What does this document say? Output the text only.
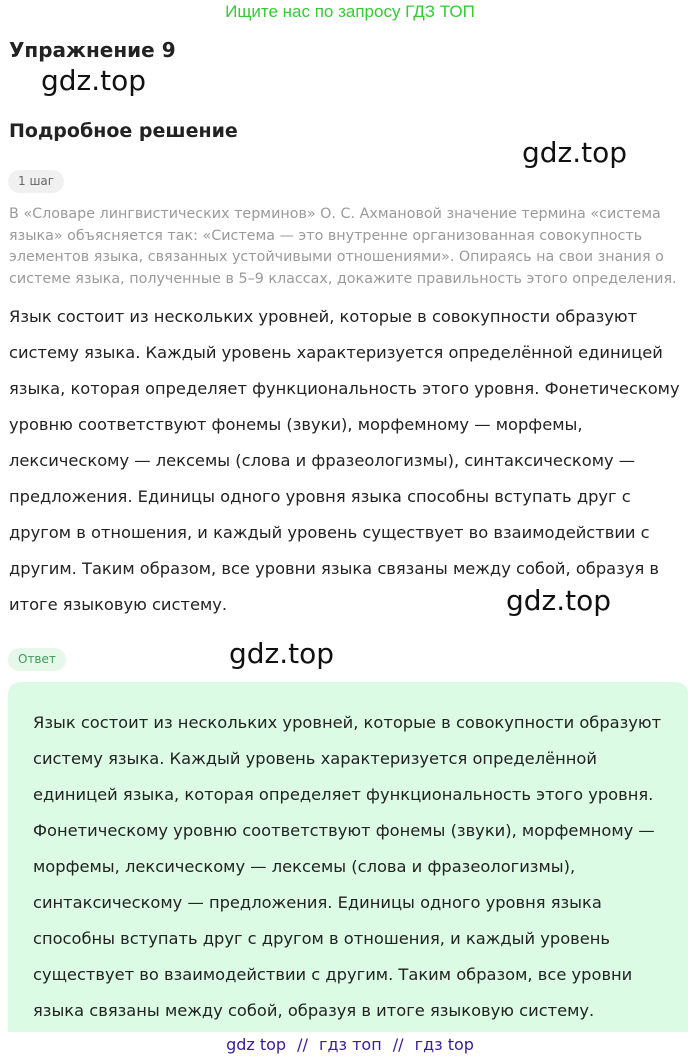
Ищите нас по запросу ГДЗ ТОП
Упражнение 9
gdz.top
Подробное решение
gdz.top
1 шаг
В «Словаре лингвистических терминов» О. С. Ахмановой значение термина «система языка» объясняется так: «Система — это внутренне организованная совокупность элементов языка, связанных устойчивыми отношениями». Опираясь на свои знания о системе языка, полученные в 5–9 классах, докажите правильность этого определения.
Язык состоит из нескольких уровней, которые в совокупности образуют систему языка. Каждый уровень характеризуется определённой единицей языка, которая определяет функциональность этого уровня. Фонетическому уровню соответствуют фонемы (звуки), морфемному — морфемы, лексическому — лексемы (слова и фразеологизмы), синтаксическому — предложения. Единицы одного уровня языка способны вступать друг с другом в отношения, и каждый уровень существует во взаимодействии с другим. Таким образом, все уровни языка связаны между собой, образуя в итоге языковую систему.	gdz.top
Ответ	gdz.top
Язык состоит из нескольких уровней, которые в совокупности образуют систему языка. Каждый уровень характеризуется определённой единицей языка, которая определяет функциональность этого уровня. Фонетическому уровню соответствуют фонемы (звуки), морфемному — морфемы, лексическому — лексемы (слова и фразеологизмы), синтаксическому — предложения. Единицы одного уровня языка способны вступать друг с другом в отношения, и каждый уровень существует во взаимодействии с другим. Таким образом, все уровни языка связаны между собой, образуя в итоге языковую систему.
gdz top // гдз топ // гдз top
